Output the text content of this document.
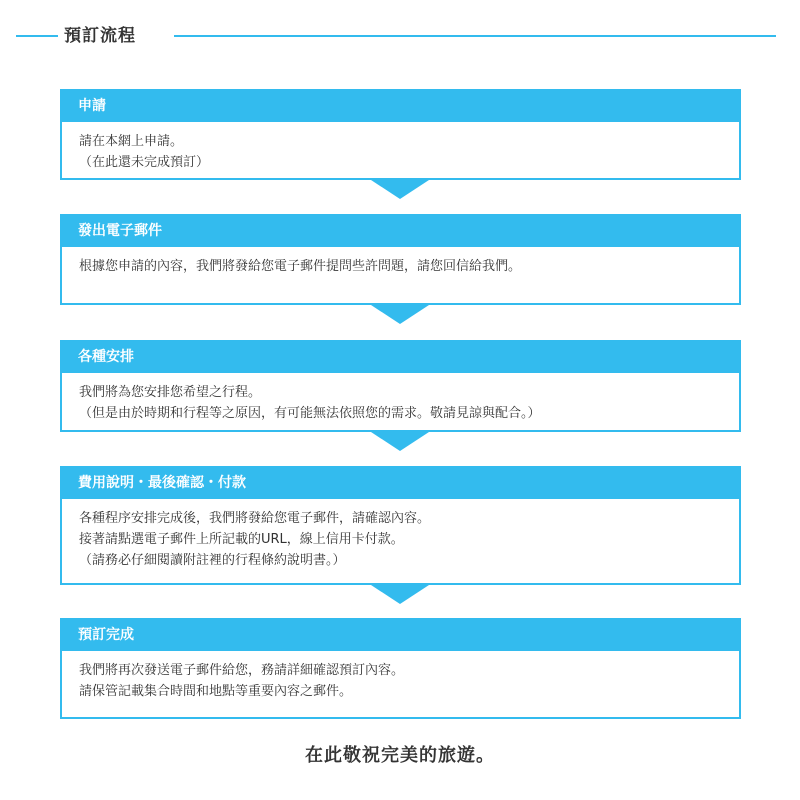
預訂流程
申請
請在本網上申請。
（在此還未完成預訂）
發出電子郵件
根據您申請的內容，我們將發給您電子郵件提問些許問題，請您回信給我們。
各種安排
我們將為您安排您希望之行程。
（但是由於時期和行程等之原因，有可能無法依照您的需求。敬請見諒與配合。）
費用說明・最後確認・付款
各種程序安排完成後，我們將發給您電子郵件，請確認內容。
接著請點選電子郵件上所記載的URL，線上信用卡付款。
（請務必仔細閱讀附註裡的行程條約說明書。）
預訂完成
我們將再次發送電子郵件給您，務請詳細確認預訂內容。
請保管記載集合時間和地點等重要內容之郵件。
在此敬祝完美的旅遊。
